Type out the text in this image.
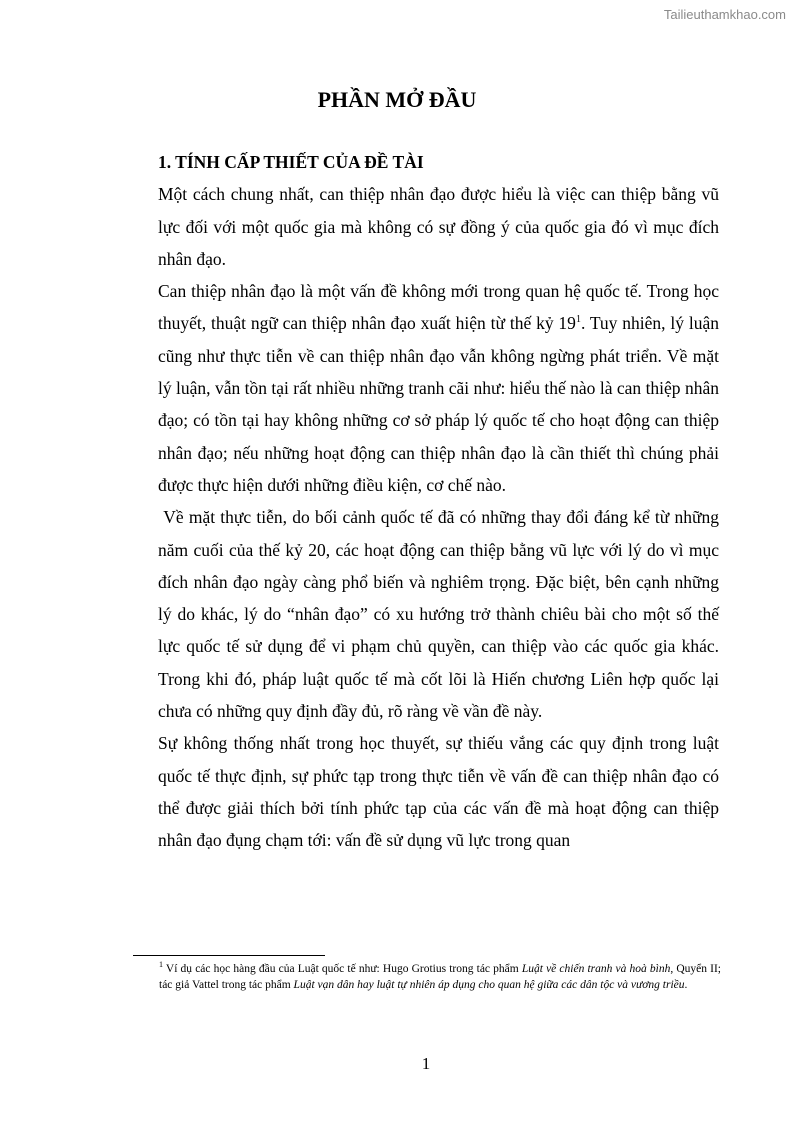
Tailieuthamkhao.com
PHẦN MỞ ĐẦU
1. TÍNH CẤP THIẾT CỦA ĐỀ TÀI

Một cách chung nhất, can thiệp nhân đạo được hiểu là việc can thiệp bằng vũ lực đối với một quốc gia mà không có sự đồng ý của quốc gia đó vì mục đích nhân đạo.

Can thiệp nhân đạo là một vấn đề không mới trong quan hệ quốc tế. Trong học thuyết, thuật ngữ can thiệp nhân đạo xuất hiện từ thế kỷ $19^1$. Tuy nhiên, lý luận cũng như thực tiễn về can thiệp nhân đạo vẫn không ngừng phát triển. Về mặt lý luận, vẫn tồn tại rất nhiều những tranh cãi như: hiểu thế nào là can thiệp nhân đạo; có tồn tại hay không những cơ sở pháp lý quốc tế cho hoạt động can thiệp nhân đạo; nếu những hoạt động can thiệp nhân đạo là cần thiết thì chúng phải được thực hiện dưới những điều kiện, cơ chế nào.

Về mặt thực tiễn, do bối cảnh quốc tế đã có những thay đổi đáng kể từ những năm cuối của thế kỷ 20, các hoạt động can thiệp bằng vũ lực với lý do vì mục đích nhân đạo ngày càng phổ biến và nghiêm trọng. Đặc biệt, bên cạnh những lý do khác, lý do “nhân đạo” có xu hướng trở thành chiêu bài cho một số thế lực quốc tế sử dụng để vi phạm chủ quyền, can thiệp vào các quốc gia khác. Trong khi đó, pháp luật quốc tế mà cốt lõi là Hiến chương Liên hợp quốc lại chưa có những quy định đầy đủ, rõ ràng về vần đề này.

Sự không thống nhất trong học thuyết, sự thiếu vắng các quy định trong luật quốc tế thực định, sự phức tạp trong thực tiễn về vấn đề can thiệp nhân đạo có thể được giải thích bởi tính phức tạp của các vấn đề mà hoạt động can thiệp nhân đạo đụng chạm tới: vấn đề sử dụng vũ lực trong quan

$^1$ Ví dụ các học hàng đầu của Luật quốc tế như: Hugo Grotius trong tác phẩm Luật về chiến tranh và hoà bình, Quyển II; tác giả Vattel trong tác phẩm Luật vạn dân hay luật tự nhiên áp dụng cho quan hệ giữa các dân tộc và vương triều.
1
